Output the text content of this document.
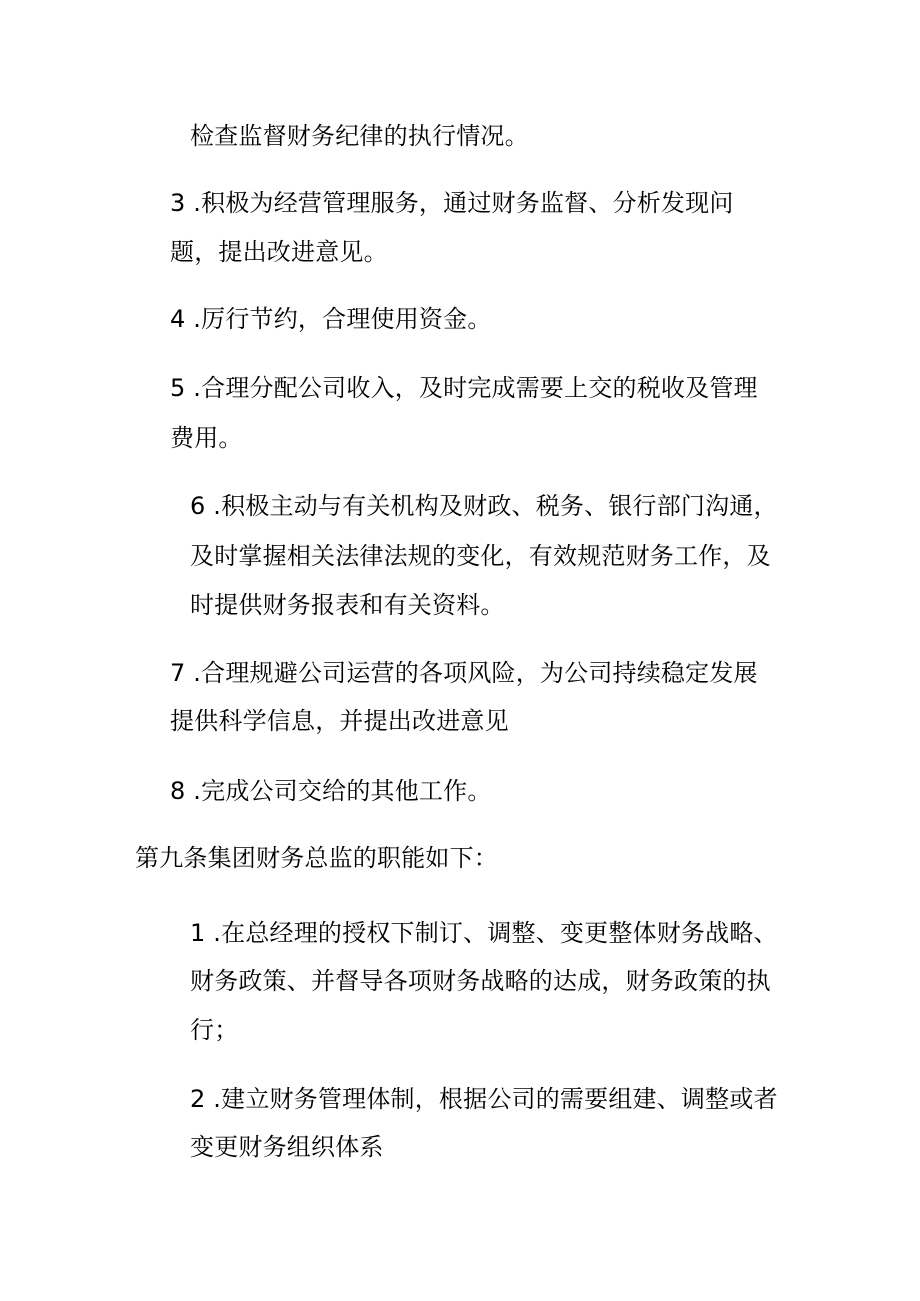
检查监督财务纪律的执行情况。
3 .积极为经营管理服务，通过财务监督、分析发现问
题，提出改进意见。
4 .厉行节约，合理使用资金。
5 .合理分配公司收入，及时完成需要上交的税收及管理
费用。
6 .积极主动与有关机构及财政、税务、银行部门沟通，
及时掌握相关法律法规的变化，有效规范财务工作，及
时提供财务报表和有关资料。
7 .合理规避公司运营的各项风险，为公司持续稳定发展
提供科学信息，并提出改进意见
8 .完成公司交给的其他工作。
第九条集团财务总监的职能如下：
1 .在总经理的授权下制订、调整、变更整体财务战略、
财务政策、并督导各项财务战略的达成，财务政策的执
行；
2 .建立财务管理体制，根据公司的需要组建、调整或者
变更财务组织体系
